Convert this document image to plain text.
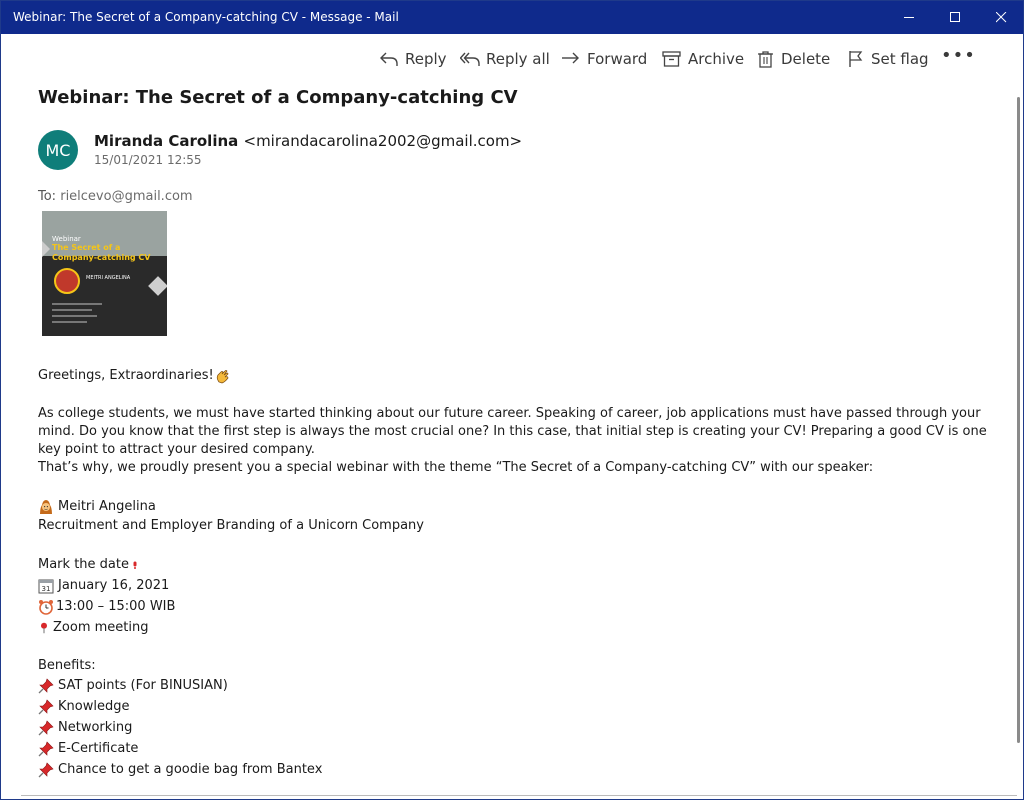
Webinar: The Secret of a Company-catching CV - Message - Mail
Reply	Reply all Forward	Archive Delete	Set flag •••
Webinar: The Secret of a Company-catching CV
MC Miranda Carolina <mirandacarolina2002@gmail.com>
15/01/2021 12:55
To: rielcevo@gmail.com
Webinar
The Secret of a
Company-catching CV
MEITRI ANGELINA
Greetings, Extraordinaries!

As college students, we must have started thinking about our future career. Speaking of career, job applications must have passed through your mind. Do you know that the first step is always the most crucial one? In this case, that initial step is creating your CV! Preparing a good CV is one key point to attract your desired company.

That’s why, we proudly present you a special webinar with the theme “The Secret of a Company-catching CV” with our speaker:

Meitri Angelina

Recruitment and Employer Branding of a Unicorn Company

Mark the date
31 January 16, 2021
13:00 – 15:00 WIB
Zoom meeting

Benefits:

SAT points (For BINUSIAN)
Knowledge
Networking
E-Certificate
Chance to get a goodie bag from Bantex
